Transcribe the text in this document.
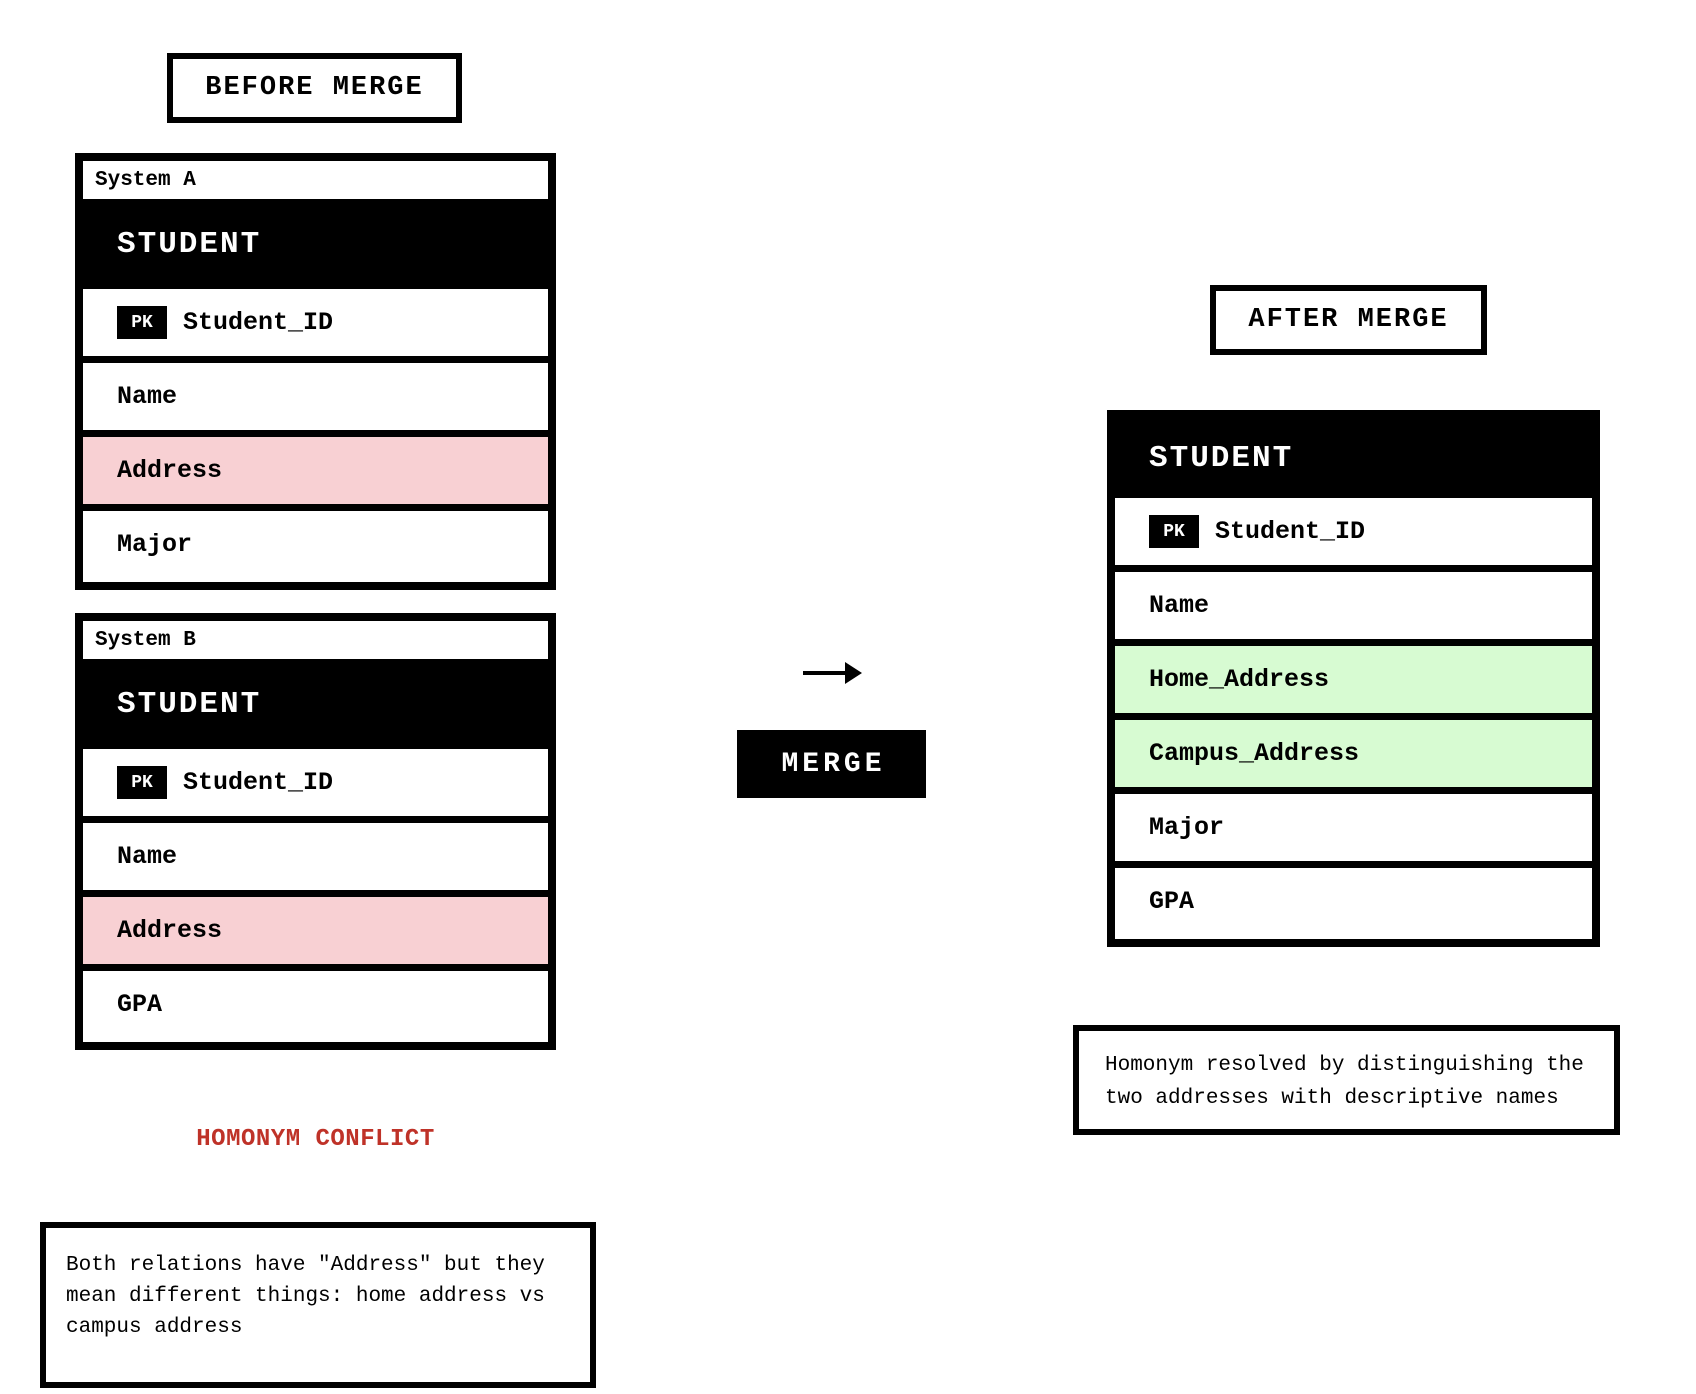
BEFORE MERGE
System A
STUDENT
PK	Student_ID
Name
Address
Major
System B
STUDENT
PK	Student_ID
Name
Address
GPA
HOMONYM CONFLICT
Both relations have "Address" but they
mean different things: home address vs
campus address
MERGE
AFTER MERGE
STUDENT
PK	Student_ID
Name
Home_Address
Campus_Address
Major
GPA
Homonym resolved by distinguishing the
two addresses with descriptive names
